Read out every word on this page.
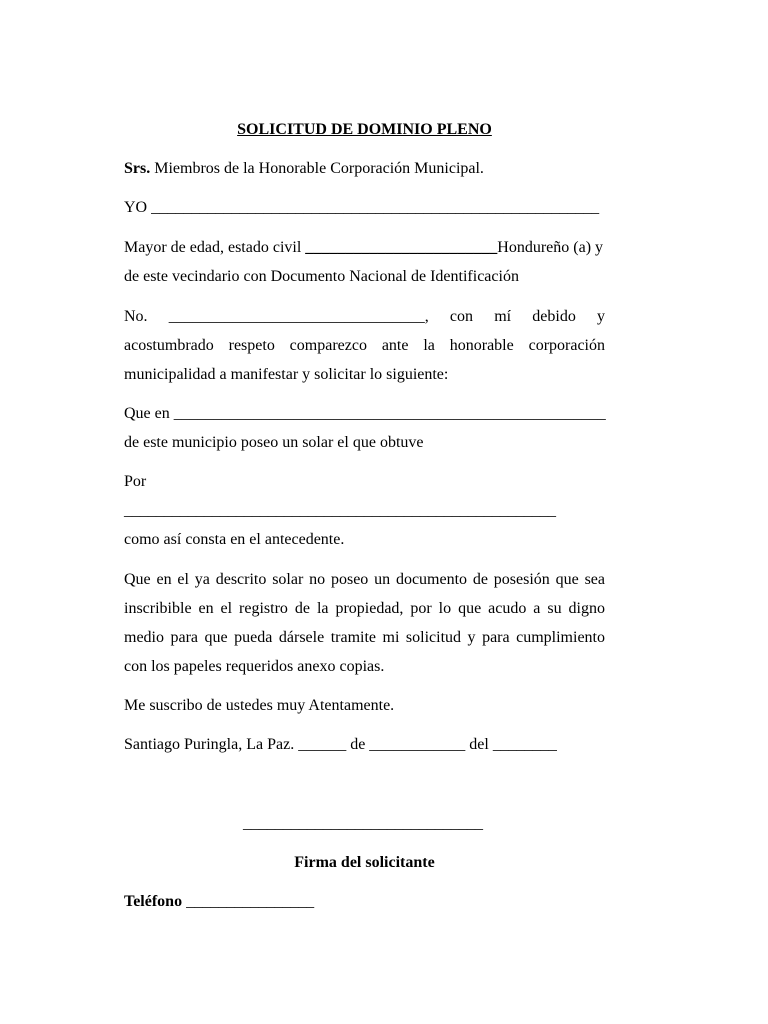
SOLICITUD DE DOMINIO PLENO
Srs. Miembros de la Honorable Corporación Municipal.
YO ________________________________________________________
Mayor de edad, estado civil ________________________Hondureño (a) y
de este vecindario con Documento Nacional de Identificación
No. ________________________________, con mí debido y
acostumbrado respeto comparezco ante la honorable corporación
municipalidad a manifestar y solicitar lo siguiente:
Que en ______________________________________________________
de este municipio poseo un solar el que obtuve
Por
______________________________________________________
como así consta en el antecedente.
Que en el ya descrito solar no poseo un documento de posesión que sea
inscribible en el registro de la propiedad, por lo que acudo a su digno
medio para que pueda dársele tramite mi solicitud y para cumplimiento
con los papeles requeridos anexo copias.
Me suscribo de ustedes muy Atentamente.
Santiago Puringla, La Paz. ______ de ____________ del ________
______________________________
Firma del solicitante
Teléfono ________________
